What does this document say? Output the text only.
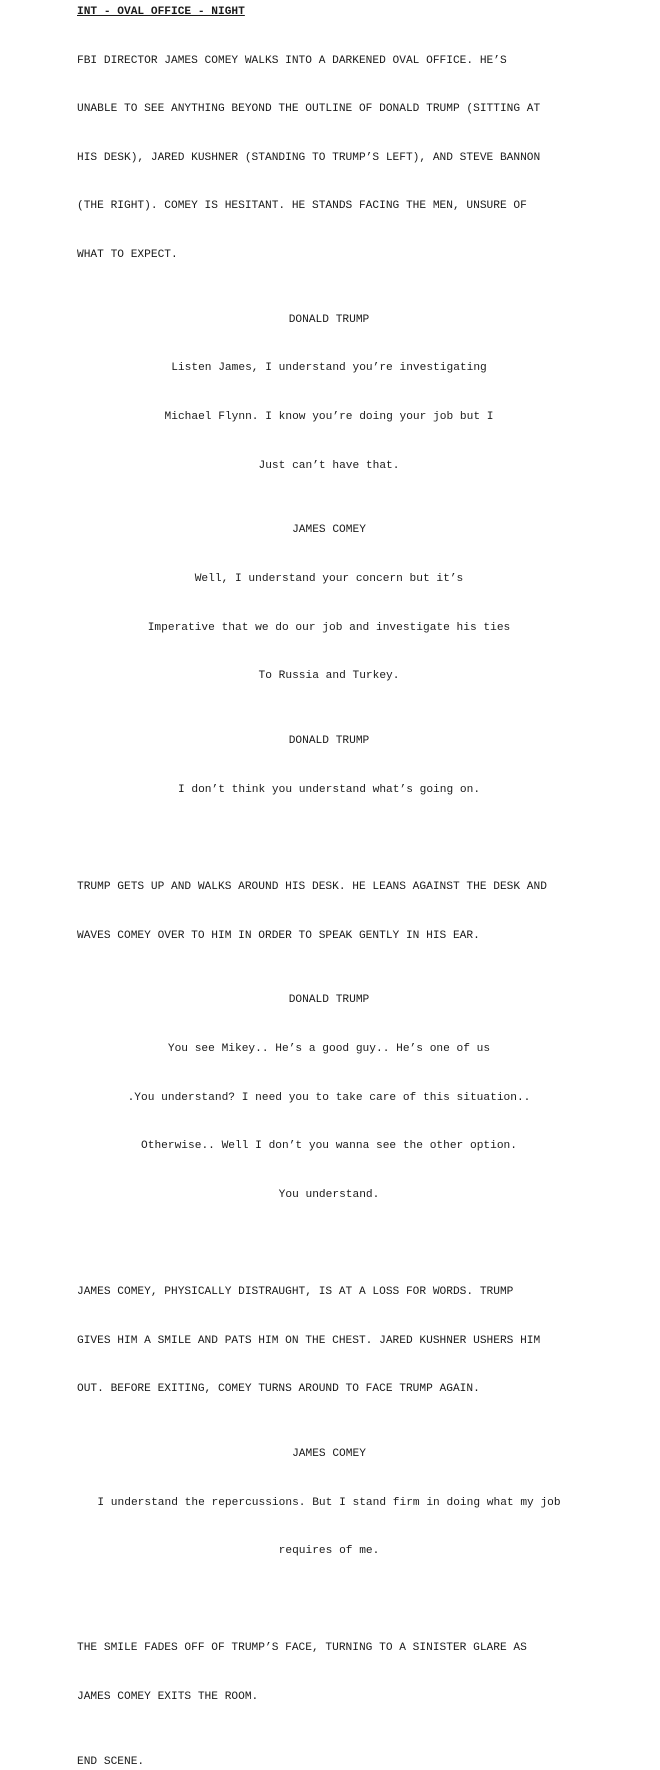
INT - OVAL OFFICE - NIGHT

FBI DIRECTOR JAMES COMEY WALKS INTO A DARKENED OVAL OFFICE. HE’S

UNABLE TO SEE ANYTHING BEYOND THE OUTLINE OF DONALD TRUMP (SITTING AT

HIS DESK), JARED KUSHNER (STANDING TO TRUMP’S LEFT), AND STEVE BANNON

(THE RIGHT). COMEY IS HESITANT. HE STANDS FACING THE MEN, UNSURE OF

WHAT TO EXPECT.

DONALD TRUMP

Listen James, I understand you’re investigating

Michael Flynn. I know you’re doing your job but I

Just can’t have that.

JAMES COMEY

Well, I understand your concern but it’s

Imperative that we do our job and investigate his ties

To Russia and Turkey.

DONALD TRUMP

I don’t think you understand what’s going on.

TRUMP GETS UP AND WALKS AROUND HIS DESK. HE LEANS AGAINST THE DESK AND

WAVES COMEY OVER TO HIM IN ORDER TO SPEAK GENTLY IN HIS EAR.

DONALD TRUMP

You see Mikey.. He’s a good guy.. He’s one of us

.You understand? I need you to take care of this situation..

Otherwise.. Well I don’t you wanna see the other option.

You understand.

JAMES COMEY, PHYSICALLY DISTRAUGHT, IS AT A LOSS FOR WORDS. TRUMP

GIVES HIM A SMILE AND PATS HIM ON THE CHEST. JARED KUSHNER USHERS HIM

OUT. BEFORE EXITING, COMEY TURNS AROUND TO FACE TRUMP AGAIN.

JAMES COMEY

I understand the repercussions. But I stand firm in doing what my job

requires of me.

THE SMILE FADES OFF OF TRUMP’S FACE, TURNING TO A SINISTER GLARE AS

JAMES COMEY EXITS THE ROOM.

END SCENE.
